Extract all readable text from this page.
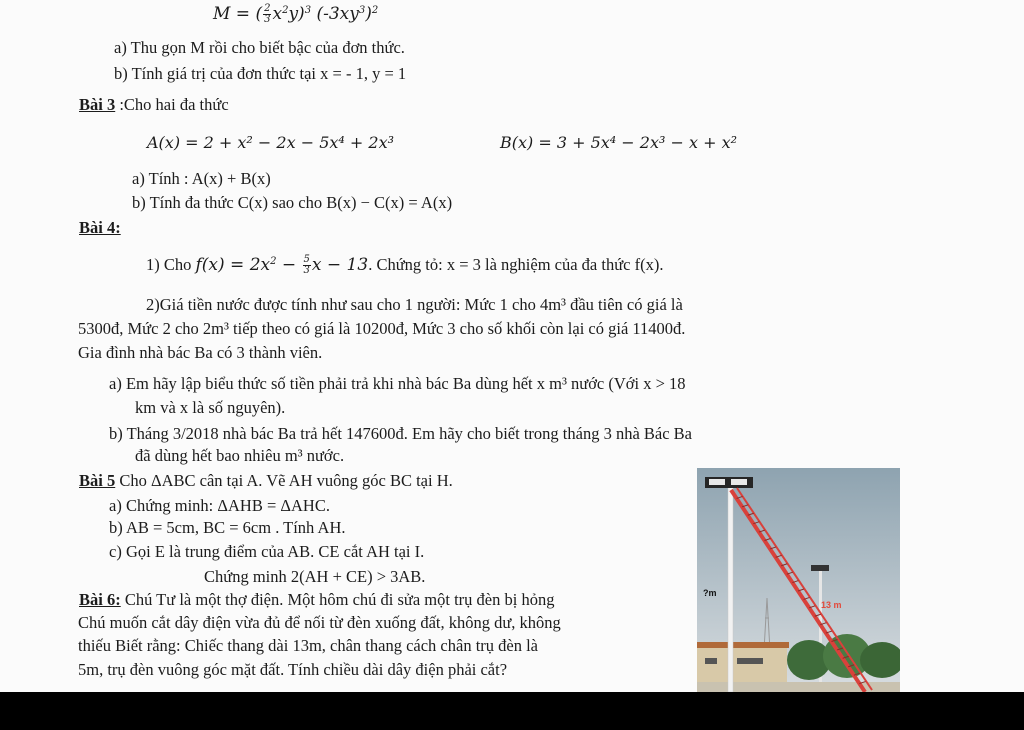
M = ( $\frac{2}{3} x^2y)^3$ $(-3xy^3)^2$
a) Thu gọn M rồi cho biết bậc của đơn thức.
b) Tính giá trị của đơn thức tại x = - 1, y = 1
Bài 3 :Cho hai đa thức
A(x) = 2 + x² − 2x − 5x⁴ + 2x³	B(x) = 3 + 5x⁴ − 2x³ − x + x²
a) Tính : A(x) + B(x)
b) Tính đa thức C(x) sao cho B(x) − C(x) = A(x)
Bài 4:
1) Cho $f(x) = 2x^2 - \frac{5}{3}$ x − 13. Chứng tỏ: x = 3 là nghiệm của đa thức f(x).
2)Giá tiền nước được tính như sau cho 1 người: Mức 1 cho 4m³ đầu tiên có giá là
5300đ, Mức 2 cho 2m³ tiếp theo có giá là 10200đ, Mức 3 cho số khối còn lại có giá 11400đ.
Gia đình nhà bác Ba có 3 thành viên.
a) Em hãy lập biểu thức số tiền phải trả khi nhà bác Ba dùng hết x m³ nước (Với x > 18
km và x là số nguyên).
b) Tháng 3/2018 nhà bác Ba trả hết 147600đ. Em hãy cho biết trong tháng 3 nhà Bác Ba
đã dùng hết bao nhiêu m³ nước.
Bài 5 Cho ΔABC cân tại A. Vẽ AH vuông góc BC tại H.
a) Chứng minh: ΔAHB = ΔAHC.
b) AB = 5cm, BC = 6cm . Tính AH.
c) Gọi E là trung điểm của AB. CE cắt AH tại I.
Chứng minh 2(AH + CE) > 3AB.
Bài 6: Chú Tư là một thợ điện. Một hôm chú đi sửa một trụ đèn bị hỏng
Chú muốn cắt dây điện vừa đủ để nối từ đèn xuống đất, không dư, không
thiếu Biết rằng: Chiếc thang dài 13m, chân thang cách chân trụ đèn là
5m, trụ đèn vuông góc mặt đất. Tính chiều dài dây điện phải cắt?
?m
13 m
